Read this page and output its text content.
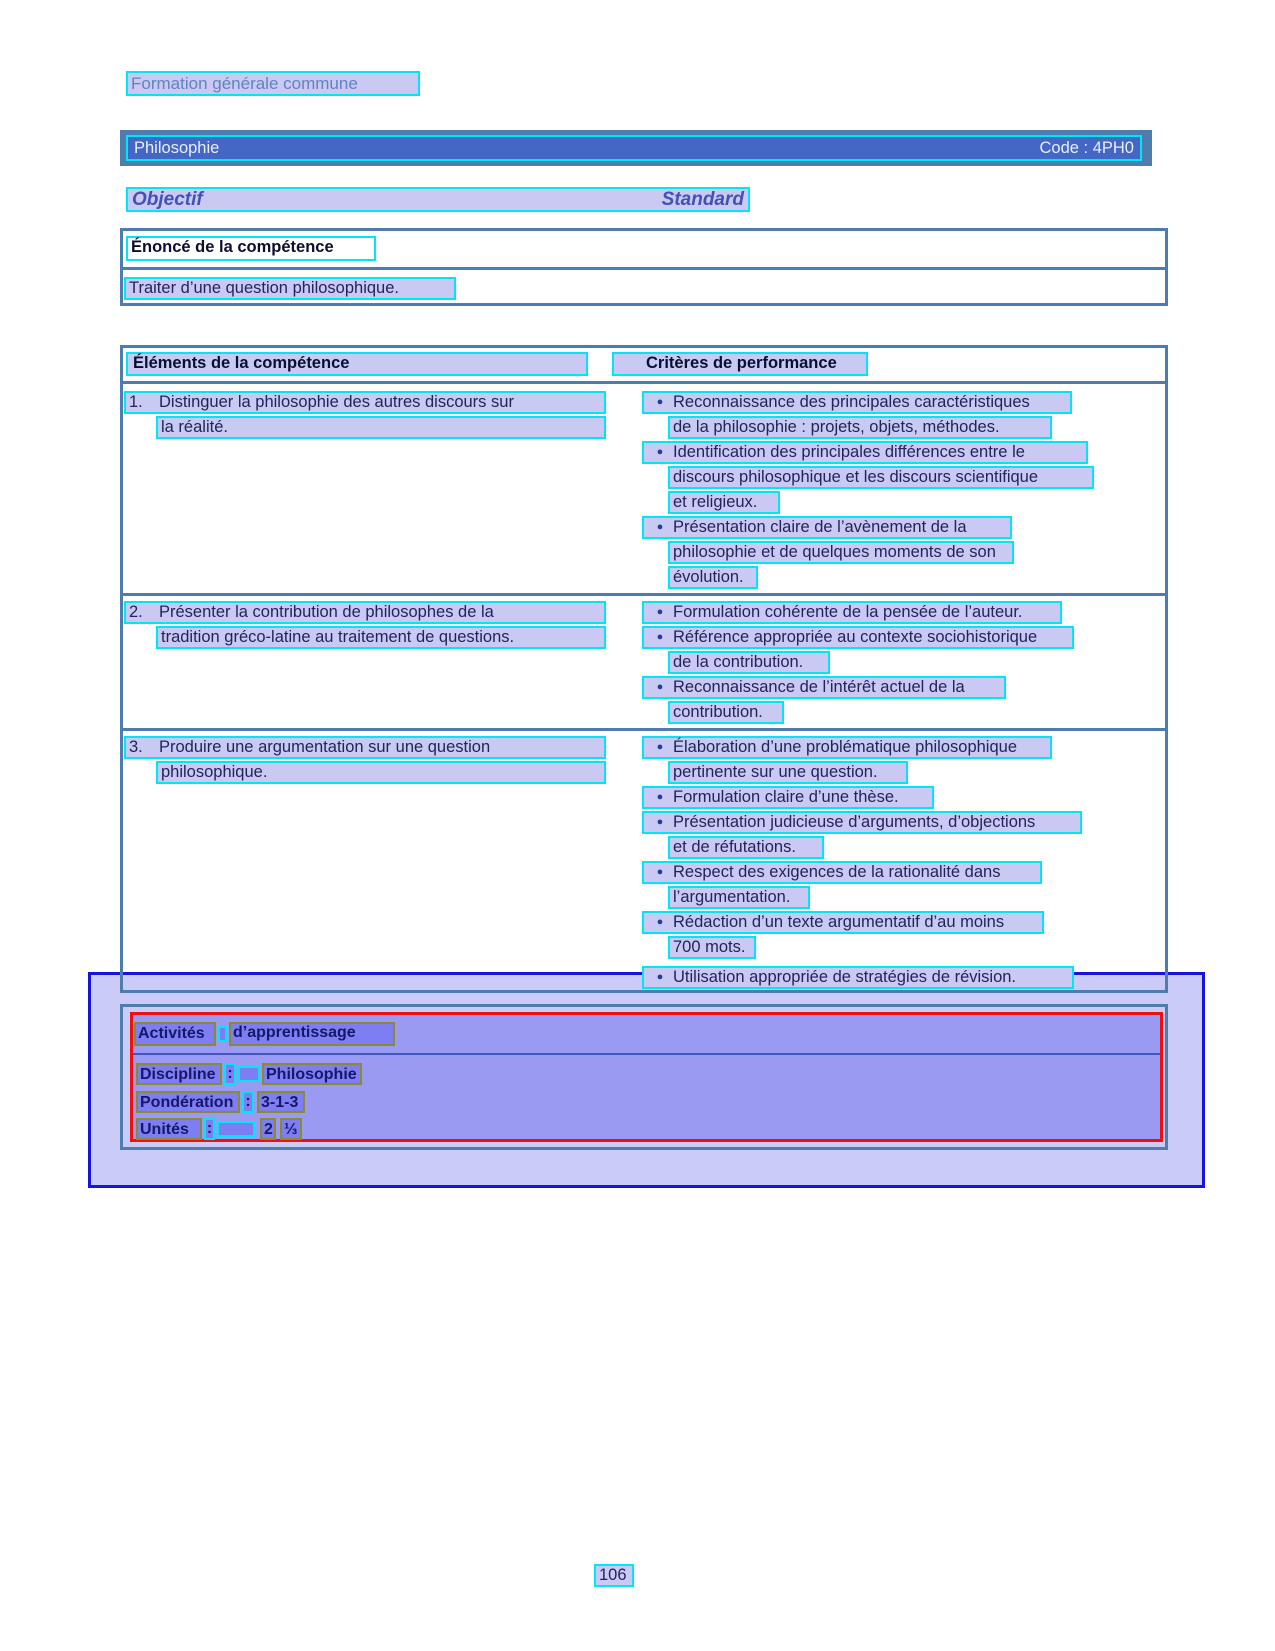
Formation générale commune
Philosophie	Code : 4PH0
Objectif	Standard
Énoncé de la compétence
Traiter d’une question philosophique.
Éléments de la compétence	Critères de performance
1. Distinguer la philosophie des autres discours sur
la réalité.
●Reconnaissance des principales caractéristiques
de la philosophie : projets, objets, méthodes.
●Identification des principales différences entre le
discours philosophique et les discours scientifique
et religieux.
●Présentation claire de l’avènement de la
philosophie et de quelques moments de son
évolution.
2. Présenter la contribution de philosophes de la
tradition gréco-latine au traitement de questions.
●Formulation cohérente de la pensée de l’auteur.
●Référence appropriée au contexte sociohistorique
de la contribution.
●Reconnaissance de l’intérêt actuel de la
contribution.
3. Produire une argumentation sur une question
philosophique.
●Élaboration d’une problématique philosophique
pertinente sur une question.
●Formulation claire d’une thèse.
●Présentation judicieuse d’arguments, d’objections
et de réfutations.
●Respect des exigences de la rationalité dans
l’argumentation.
●Rédaction d’un texte argumentatif d’au moins
700 mots.
●Utilisation appropriée de stratégies de révision.
Activités	d’apprentissage
Discipline : Philosophie
Pondération : 3-1-3
Unités	:	2 ⅓
106
